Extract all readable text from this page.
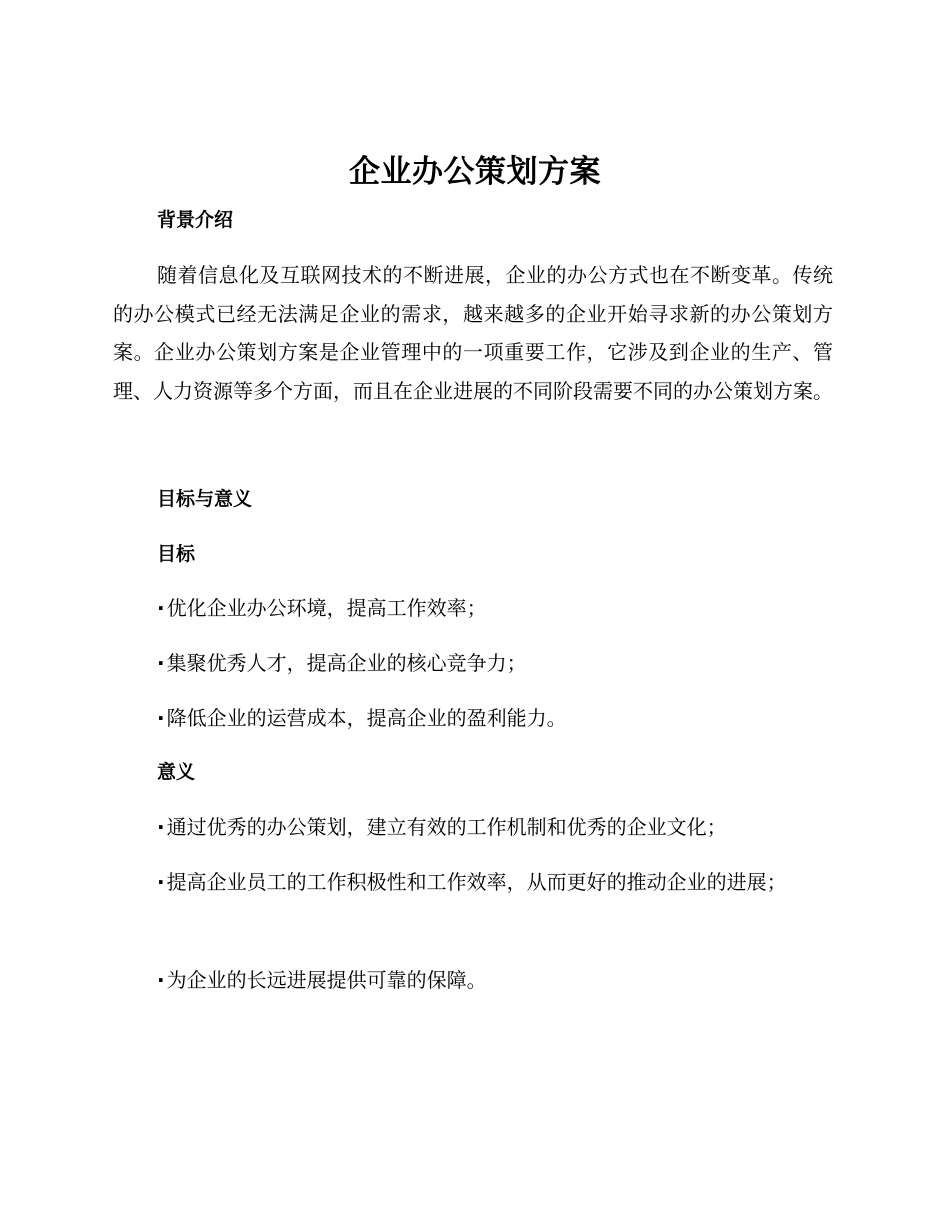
企业办公策划方案
背景介绍

随着信息化及互联网技术的不断进展，企业的办公方式也在不断变革。传统的办公模式已经无法满足企业的需求，越来越多的企业开始寻求新的办公策划方案。企业办公策划方案是企业管理中的一项重要工作，它涉及到企业的生产、管理、人力资源等多个方面，而且在企业进展的不同阶段需要不同的办公策划方案。

目标与意义
目标

· 优化企业办公环境，提高工作效率；

· 集聚优秀人才，提高企业的核心竞争力；

· 降低企业的运营成本，提高企业的盈利能力。

意义

· 通过优秀的办公策划，建立有效的工作机制和优秀的企业文化；

· 提高企业员工的工作积极性和工作效率，从而更好的推动企业的进展；

· 为企业的长远进展提供可靠的保障。
